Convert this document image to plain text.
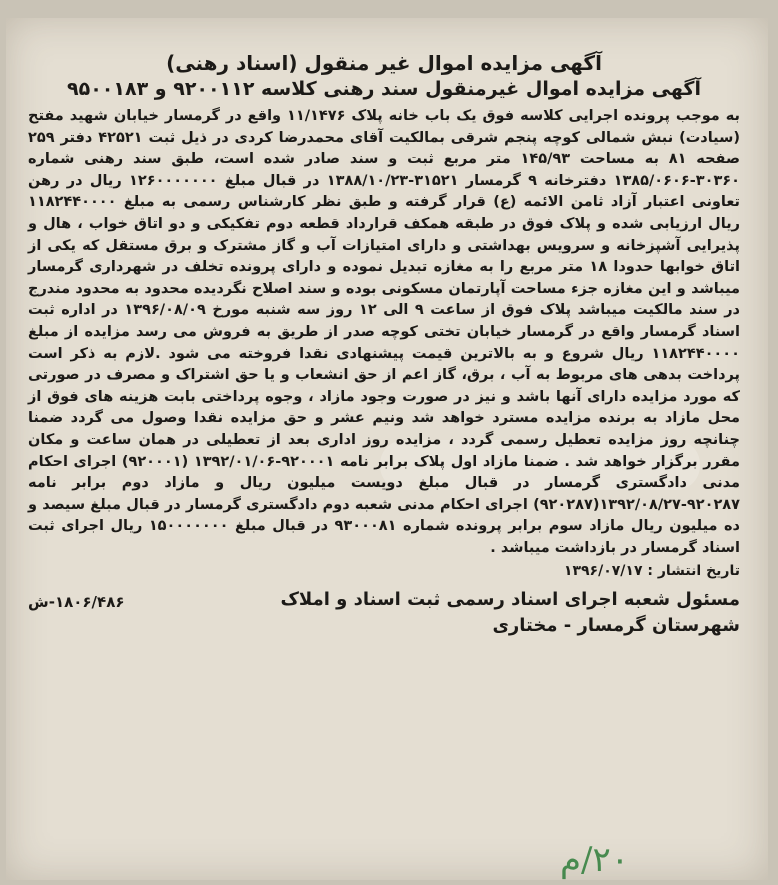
آگهی مزایده اموال غیر منقول (اسناد رهنی)
آگهی مزایده اموال غیرمنقول سند رهنی کلاسه ۹۲۰۰۱۱۲ و ۹۵۰۰۱۸۳

به موجب پرونده اجرایی کلاسه فوق یک باب خانه پلاک ۱۱/۱۴۷۶ واقع در گرمسار خیابان شهید مفتح (سیادت) نبش شمالی کوچه پنجم شرقی بمالکیت آقای محمدرضا کردی در ذیل ثبت ۴۲۵۲۱ دفتر ۲۵۹ صفحه ۸۱ به مساحت ۱۴۵/۹۳ متر مربع ثبت و سند صادر شده است، طبق سند رهنی شماره ۳۰۳۶۰-۱۳۸۵/۰۶۰۶ دفترخانه ۹ گرمسار ۳۱۵۲۱-۱۳۸۸/۱۰/۲۳ در قبال مبلغ ۱۲۶۰۰۰۰۰۰۰ ریال در رهن تعاونی اعتبار آزاد ثامن الائمه (ع) قرار گرفته و طبق نظر کارشناس رسمی به مبلغ ۱۱۸۲۴۴۰۰۰۰ ریال ارزیابی شده و پلاک فوق در طبقه همکف قرارداد قطعه دوم تفکیکی و دو اتاق خواب ، هال و پذیرایی آشپزخانه و سرویس بهداشتی و دارای امتیازات آب و گاز مشترک و برق مستقل که یکی از اتاق خوابها حدودا ۱۸ متر مربع را به مغازه تبدیل نموده و دارای پرونده تخلف در شهرداری گرمسار میباشد و این مغازه جزء مساحت آپارتمان مسکونی بوده و سند اصلاح نگردیده محدود به محدود مندرج در سند مالکیت میباشد پلاک فوق از ساعت ۹ الی ۱۲ روز سه شنبه مورخ ۱۳۹۶/۰۸/۰۹ در اداره ثبت اسناد گرمسار واقع در گرمسار خیابان تختی کوچه صدر از طریق به فروش می رسد مزایده از مبلغ ۱۱۸۲۴۴۰۰۰۰ ریال شروع و به بالاترین قیمت پیشنهادی نقدا فروخته می شود .لازم به ذکر است پرداخت بدهی های مربوط به آب ، برق، گاز اعم از حق انشعاب و یا حق اشتراک و مصرف در صورتی که مورد مزایده دارای آنها باشد و نیز در صورت وجود مازاد ، وجوه پرداختی بابت هزینه های فوق از محل مازاد به برنده مزایده مسترد خواهد شد ونیم عشر و حق مزایده نقدا وصول می گردد ضمنا چنانچه روز مزایده تعطیل رسمی گردد ، مزایده روز اداری بعد از تعطیلی در همان ساعت و مکان مقرر برگزار خواهد شد . ضمنا مازاد اول پلاک برابر نامه ۹۲۰۰۰۱-۱۳۹۲/۰۱/۰۶ (۹۲۰۰۰۱) اجرای احکام مدنی دادگستری گرمسار در قبال مبلغ دویست میلیون ریال و مازاد دوم برابر نامه ۹۲۰۲۸۷-۱۳۹۲/۰۸/۲۷(۹۲۰۲۸۷) اجرای احکام مدنی شعبه دوم دادگستری گرمسار در قبال مبلغ سیصد و ده میلیون ریال مازاد سوم برابر پرونده شماره ۹۳۰۰۰۸۱ در قبال مبلغ ۱۵۰۰۰۰۰۰۰ ریال اجرای ثبت اسناد گرمسار در بازداشت میباشد .

تاریخ انتشار : ۱۳۹۶/۰۷/۱۷
مسئول شعبه اجرای اسناد رسمی ثبت اسناد و املاک
شهرستان گرمسار - مختاری
۱۸۰۶/۴۸۶-ش
۲۰/م
